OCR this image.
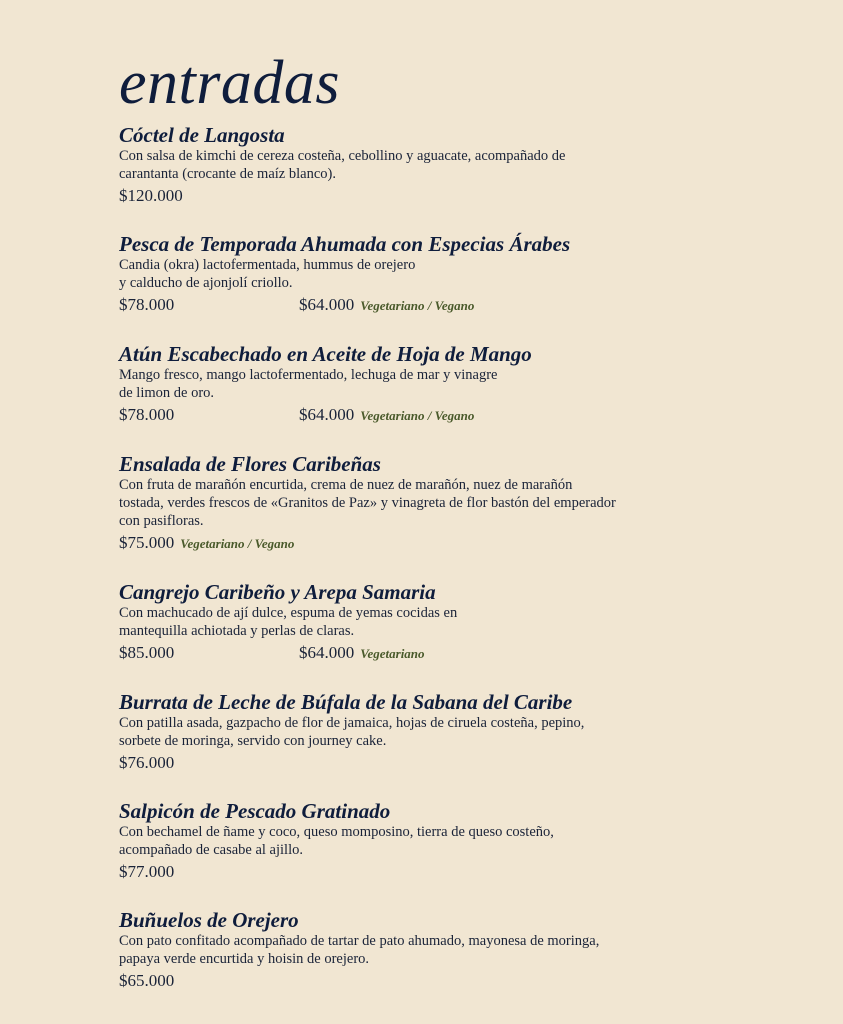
entradas
Cóctel de Langosta
Con salsa de kimchi de cereza costeña, cebollino y aguacate, acompañado de carantanta (crocante de maíz blanco).
$120.000
Pesca de Temporada Ahumada con Especias Árabes
Candia (okra) lactofermentada, hummus de orejero
y calducho de ajonjolí criollo.
$78.000	$64.000 Vegetariano / Vegano
Atún Escabechado en Aceite de Hoja de Mango
Mango fresco, mango lactofermentado, lechuga de mar y vinagre
de limon de oro.
$78.000	$64.000 Vegetariano / Vegano
Ensalada de Flores Caribeñas
Con fruta de marañón encurtida, crema de nuez de marañón, nuez de marañón tostada, verdes frescos de «Granitos de Paz» y vinagreta de flor bastón del emperador con pasifloras.
$75.000 Vegetariano / Vegano
Cangrejo Caribeño y Arepa Samaria
Con machucado de ají dulce, espuma de yemas cocidas en
mantequilla achiotada y perlas de claras.
$85.000	$64.000 Vegetariano
Burrata de Leche de Búfala de la Sabana del Caribe
Con patilla asada, gazpacho de flor de jamaica, hojas de ciruela costeña, pepino, sorbete de moringa, servido con journey cake.
$76.000
Salpicón de Pescado Gratinado
Con bechamel de ñame y coco, queso momposino, tierra de queso costeño, acompañado de casabe al ajillo.
$77.000
Buñuelos de Orejero
Con pato confitado acompañado de tartar de pato ahumado, mayonesa de moringa, papaya verde encurtida y hoisin de orejero.
$65.000
